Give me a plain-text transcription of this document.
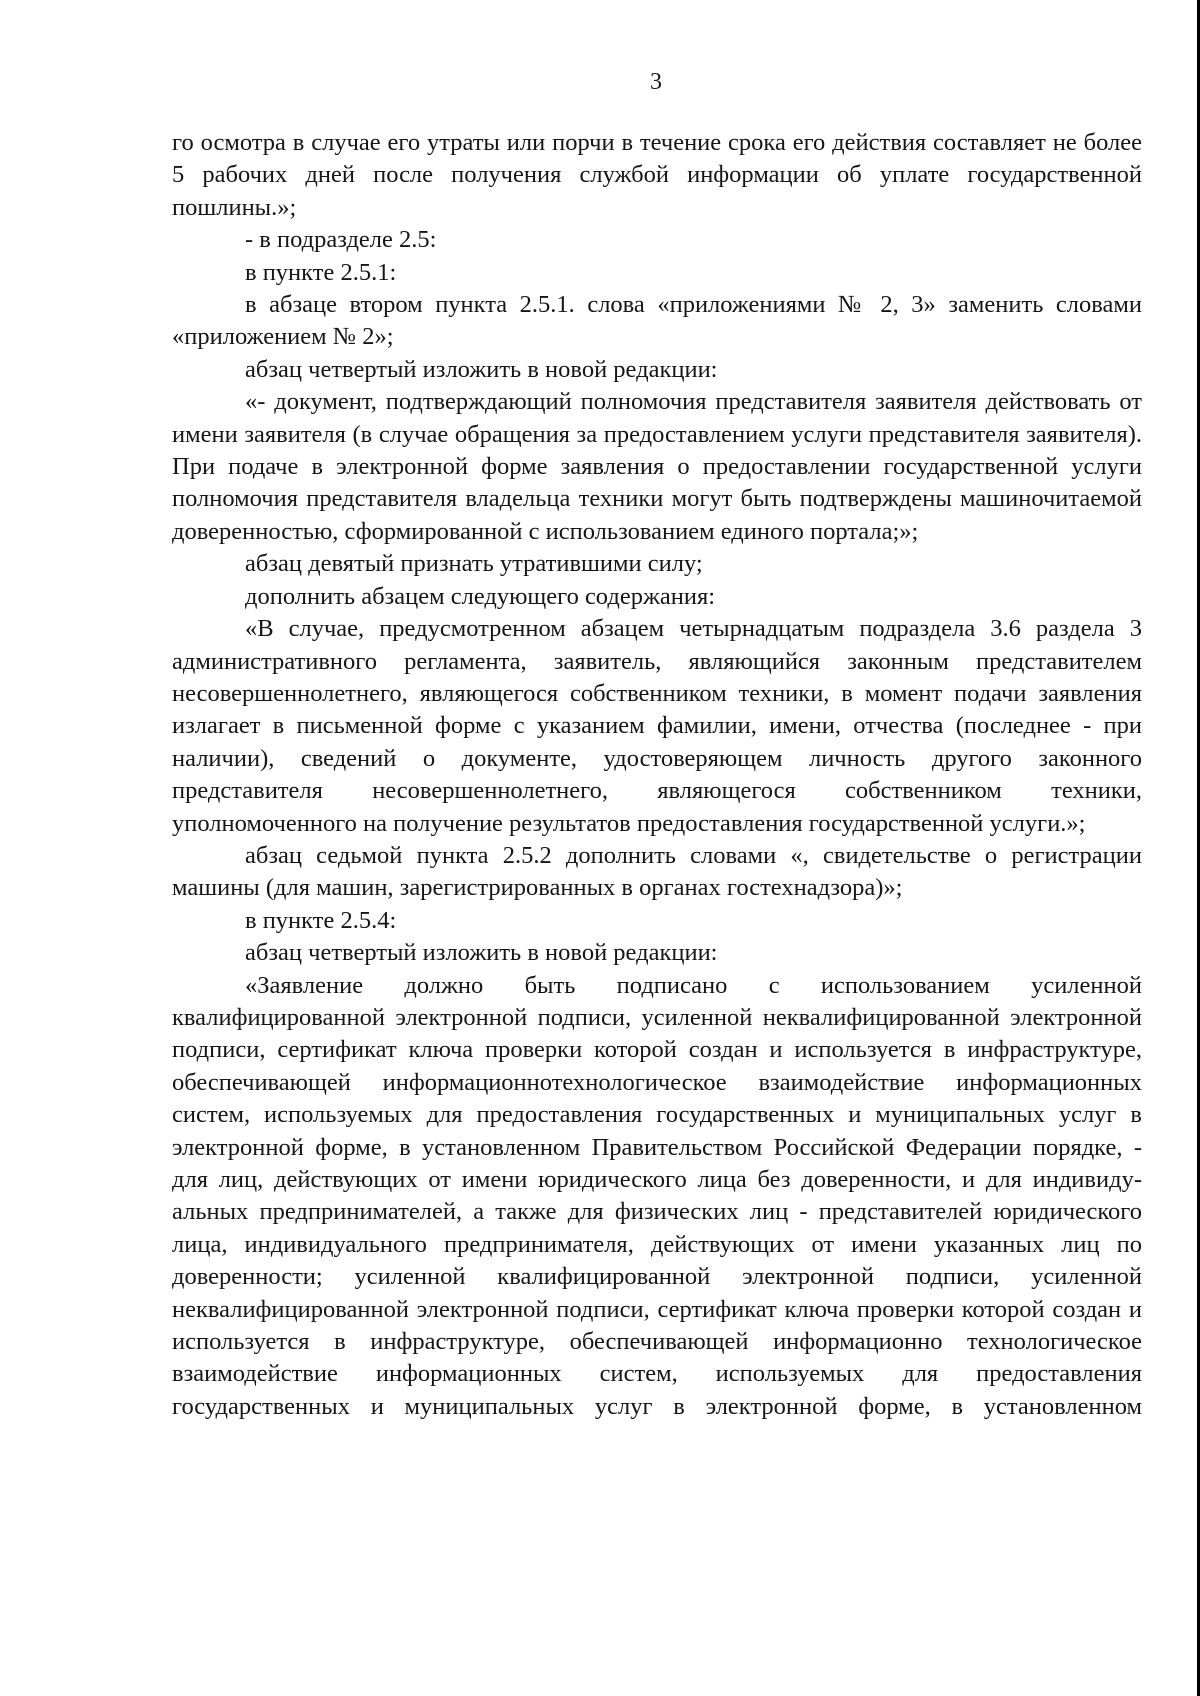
3

го осмотра в случае его утраты или порчи в течение срока его действия составляет не более 5 рабочих дней после получения службой информации об уплате государственной пошлины.»;

- в подразделе 2.5:

в пункте 2.5.1:

в абзаце втором пункта 2.5.1. слова «приложениями № 2, 3» заменить словами «приложением № 2»;

абзац четвертый изложить в новой редакции:

«- документ, подтверждающий полномочия представителя заявителя действовать от имени заявителя (в случае обращения за предоставлением услуги представителя заявителя). При подаче в электронной форме заявления о предоставлении государственной услуги полномочия представителя владельца техники могут быть подтверждены машиночитаемой доверенностью, сформированной с использованием единого портала;»;

абзац девятый признать утратившими силу;

дополнить абзацем следующего содержания:

«В случае, предусмотренном абзацем четырнадцатым подраздела 3.6 раздела 3 административного регламента, заявитель, являющийся законным представителем несовершеннолетнего, являющегося собственником техники, в момент подачи заявления излагает в письменной форме с указанием фамилии, имени, отчества (последнее - при наличии), сведений о документе, удостоверяющем личность другого законного представителя несовершеннолетнего, являющегося собственником техники, уполномоченного на получение результатов предоставления государственной услуги.»;

абзац седьмой пункта 2.5.2 дополнить словами «, свидетельстве о регистрации машины (для машин, зарегистрированных в органах гостехнадзора)»;

в пункте 2.5.4:

абзац четвертый изложить в новой редакции:

«Заявление должно быть подписано с использованием усиленной квалифицированной электронной подписи, усиленной неквалифицированной электронной подписи, сертификат ключа проверки которой создан и используется в инфраструктуре, обеспечивающей информационнотехнологическое взаимодействие информационных систем, используемых для предоставления государственных и муниципальных услуг в электронной форме, в установленном Правительством Российской Федерации порядке, - для лиц, действующих от имени юридического лица без доверенности, и для индивидуальных предпринимателей, а также для физических лиц - представителей юридического лица, индивидуального предпринимателя, действующих от имени указанных лиц по доверенности; усиленной квалифицированной электронной подписи, усиленной неквалифицированной электронной подписи, сертификат ключа проверки которой создан и используется в инфраструктуре, обеспечивающей информационно технологическое взаимодействие информационных систем, используемых для предоставления государственных и муниципальных услуг в электронной форме, в установленном
